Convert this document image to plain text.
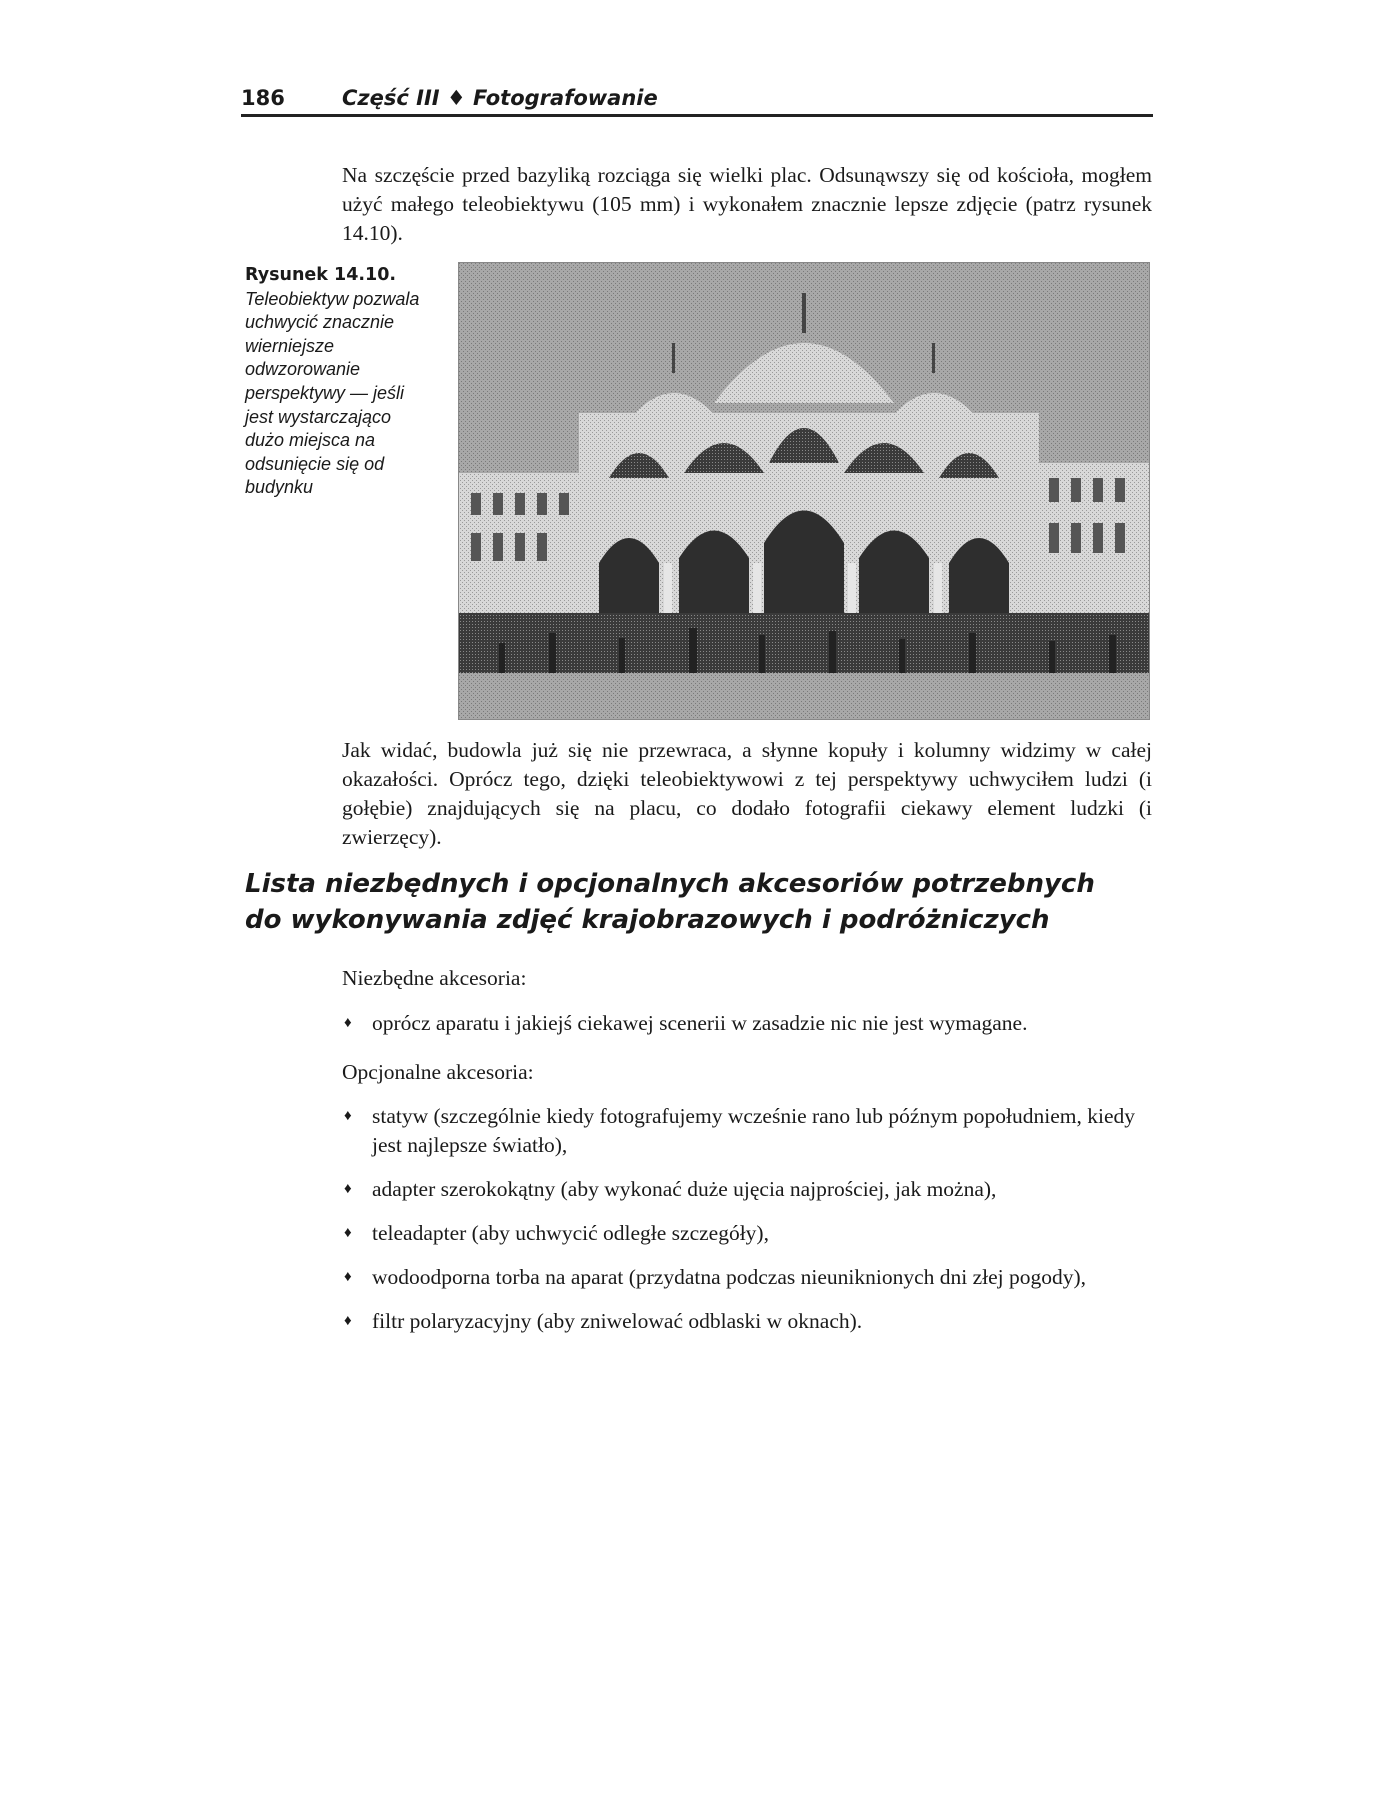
186	Część III ♦ Fotografowanie

Na szczęście przed bazyliką rozciąga się wielki plac. Odsunąwszy się od kościoła, mogłem użyć małego teleobiektywu (105 mm) i wykonałem znacznie lepsze zdjęcie (patrz rysunek 14.10).

Rysunek 14.10.
Teleobiektyw pozwala uchwycić znacznie wierniejsze odwzorowanie perspektywy — jeśli jest wystarczająco dużo miejsca na odsunięcie się od budynku

Jak widać, budowla już się nie przewraca, a słynne kopuły i kolumny widzimy w całej okazałości. Oprócz tego, dzięki teleobiektywowi z tej perspektywy uchwyciłem ludzi (i gołębie) znajdujących się na placu, co dodało fotografii ciekawy element ludzki (i zwierzęcy).

Lista niezbędnych i opcjonalnych akcesoriów potrzebnych
do wykonywania zdjęć krajobrazowych i podróżniczych
Niezbędne akcesoria:
♦ oprócz aparatu i jakiejś ciekawej scenerii w zasadzie nic nie jest wymagane.
Opcjonalne akcesoria:
♦ statyw (szczególnie kiedy fotografujemy wcześnie rano lub późnym popołudniem, kiedy jest najlepsze światło),
♦ adapter szerokokątny (aby wykonać duże ujęcia najprościej, jak można),
♦ teleadapter (aby uchwycić odległe szczegóły),
♦ wodoodporna torba na aparat (przydatna podczas nieuniknionych dni złej pogody),
♦ filtr polaryzacyjny (aby zniwelować odblaski w oknach).
